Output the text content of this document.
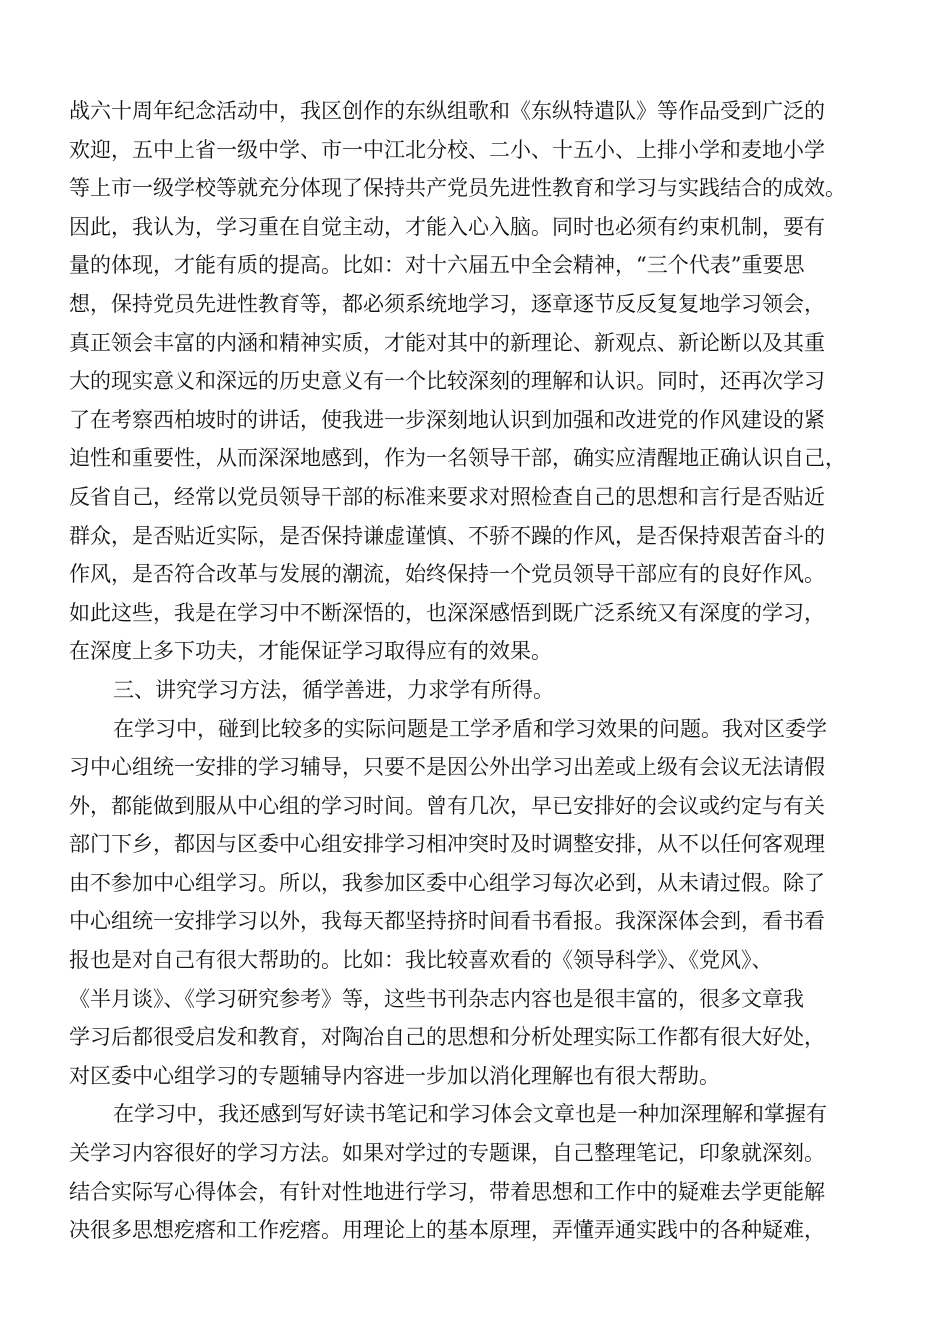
战六十周年纪念活动中，我区创作的东纵组歌和《东纵特遣队》等作品受到广泛的
欢迎，五中上省一级中学、市一中江北分校、二小、十五小、上排小学和麦地小学
等上市一级学校等就充分体现了保持共产党员先进性教育和学习与实践结合的成效。
因此，我认为，学习重在自觉主动，才能入心入脑。同时也必须有约束机制，要有
量的体现，才能有质的提高。比如：对十六届五中全会精神，“三个代表”重要思
想，保持党员先进性教育等，都必须系统地学习，逐章逐节反反复复地学习领会，
真正领会丰富的内涵和精神实质，才能对其中的新理论、新观点、新论断以及其重
大的现实意义和深远的历史意义有一个比较深刻的理解和认识。同时，还再次学习
了在考察西柏坡时的讲话，使我进一步深刻地认识到加强和改进党的作风建设的紧
迫性和重要性，从而深深地感到，作为一名领导干部，确实应清醒地正确认识自己，
反省自己，经常以党员领导干部的标准来要求对照检查自己的思想和言行是否贴近
群众，是否贴近实际，是否保持谦虚谨慎、不骄不躁的作风，是否保持艰苦奋斗的
作风，是否符合改革与发展的潮流，始终保持一个党员领导干部应有的良好作风。
如此这些，我是在学习中不断深悟的，也深深感悟到既广泛系统又有深度的学习，
在深度上多下功夫，才能保证学习取得应有的效果。
三、讲究学习方法，循学善进，力求学有所得。
在学习中，碰到比较多的实际问题是工学矛盾和学习效果的问题。我对区委学
习中心组统一安排的学习辅导，只要不是因公外出学习出差或上级有会议无法请假
外，都能做到服从中心组的学习时间。曾有几次，早已安排好的会议或约定与有关
部门下乡，都因与区委中心组安排学习相冲突时及时调整安排，从不以任何客观理
由不参加中心组学习。所以，我参加区委中心组学习每次必到，从未请过假。除了
中心组统一安排学习以外，我每天都坚持挤时间看书看报。我深深体会到，看书看
报也是对自己有很大帮助的。比如：我比较喜欢看的《领导科学》、《党风》、
《半月谈》、《学习研究参考》等，这些书刊杂志内容也是很丰富的，很多文章我
学习后都很受启发和教育，对陶冶自己的思想和分析处理实际工作都有很大好处，
对区委中心组学习的专题辅导内容进一步加以消化理解也有很大帮助。
在学习中，我还感到写好读书笔记和学习体会文章也是一种加深理解和掌握有
关学习内容很好的学习方法。如果对学过的专题课，自己整理笔记，印象就深刻。
结合实际写心得体会，有针对性地进行学习，带着思想和工作中的疑难去学更能解
决很多思想疙瘩和工作疙瘩。用理论上的基本原理，弄懂弄通实践中的各种疑难，
